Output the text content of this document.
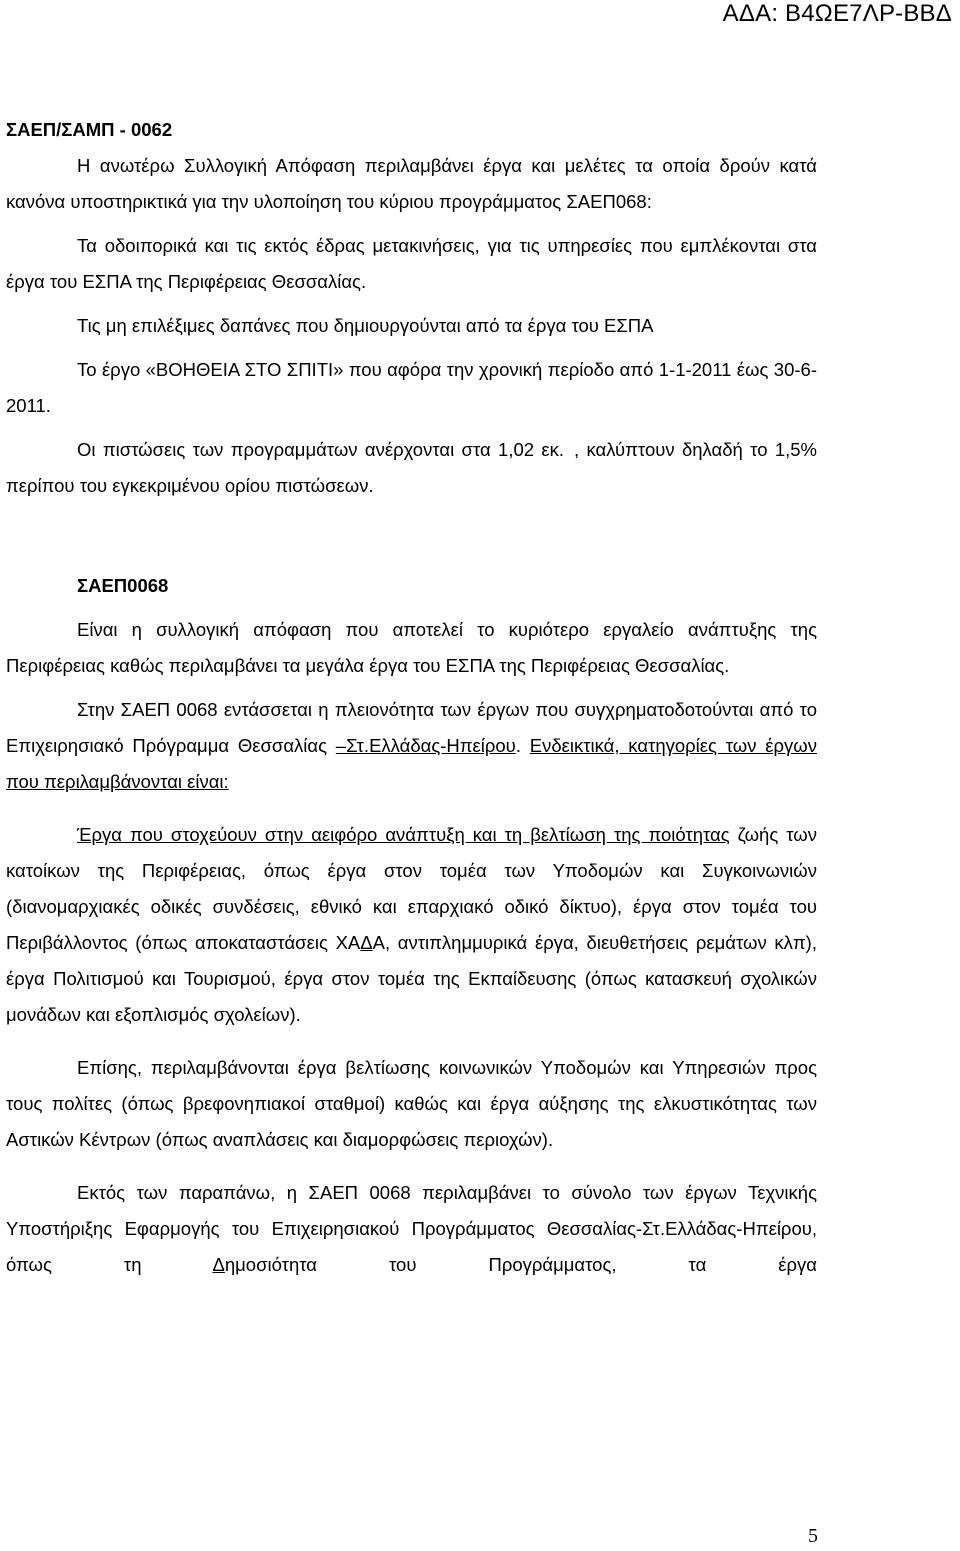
ΑΔΑ: Β4ΩΕ7ΛΡ-ΒΒΔ
ΣΑΕΠ/ΣΑΜΠ - 0062

Η ανωτέρω Συλλογική Απόφαση περιλαμβάνει έργα και μελέτες τα οποία δρούν κατά κανόνα υποστηρικτικά για την υλοποίηση του κύριου προγράμματος ΣΑΕΠ068:

Τα οδοιπορικά και τις εκτός έδρας μετακινήσεις, για τις υπηρεσίες που εμπλέκονται στα έργα του ΕΣΠΑ της Περιφέρειας Θεσσαλίας.

Τις μη επιλέξιμες δαπάνες που δημιουργούνται από τα έργα του ΕΣΠΑ

Το έργο «ΒΟΗΘΕΙΑ ΣΤΟ ΣΠΙΤΙ» που αφόρα την χρονική περίοδο από 1-1-2011 έως 30-6-2011.

Οι πιστώσεις των προγραμμάτων ανέρχονται στα 1,02 εκ. , καλύπτουν δηλαδή το 1,5% περίπου του εγκεκριμένου ορίου πιστώσεων.

ΣΑΕΠ0068

Είναι η συλλογική απόφαση που αποτελεί το κυριότερο εργαλείο ανάπτυξης της Περιφέρειας καθώς περιλαμβάνει τα μεγάλα έργα του ΕΣΠΑ της Περιφέρειας Θεσσαλίας.

Στην ΣΑΕΠ 0068 εντάσσεται η πλειονότητα των έργων που συγχρηματοδοτούνται από το Επιχειρησιακό Πρόγραμμα Θεσσαλίας –Στ.Ελλάδας-Ηπείρου. Ενδεικτικά, κατηγορίες των έργων που περιλαμβάνονται είναι:

Έργα που στοχεύουν στην αειφόρο ανάπτυξη και τη βελτίωση της ποιότητας ζωής των κατοίκων της Περιφέρειας, όπως έργα στον τομέα των Υποδομών και Συγκοινωνιών (διανομαρχιακές οδικές συνδέσεις, εθνικό και επαρχιακό οδικό δίκτυο), έργα στον τομέα του Περιβάλλοντος (όπως αποκαταστάσεις ΧΑΔΑ, αντιπλημμυρικά έργα, διευθετήσεις ρεμάτων κλπ), έργα Πολιτισμού και Τουρισμού, έργα στον τομέα της Εκπαίδευσης (όπως κατασκευή σχολικών μονάδων και εξοπλισμός σχολείων).

Επίσης, περιλαμβάνονται έργα βελτίωσης κοινωνικών Υποδομών και Υπηρεσιών προς τους πολίτες (όπως βρεφονηπιακοί σταθμοί) καθώς και έργα αύξησης της ελκυστικότητας των Αστικών Κέντρων (όπως αναπλάσεις και διαμορφώσεις περιοχών).

Εκτός των παραπάνω, η ΣΑΕΠ 0068 περιλαμβάνει το σύνολο των έργων Τεχνικής Υποστήριξης Εφαρμογής του Επιχειρησιακού Προγράμματος Θεσσαλίας-Στ.Ελλάδας-Ηπείρου, όπως τη Δημοσιότητα του Προγράμματος, τα έργα

5
